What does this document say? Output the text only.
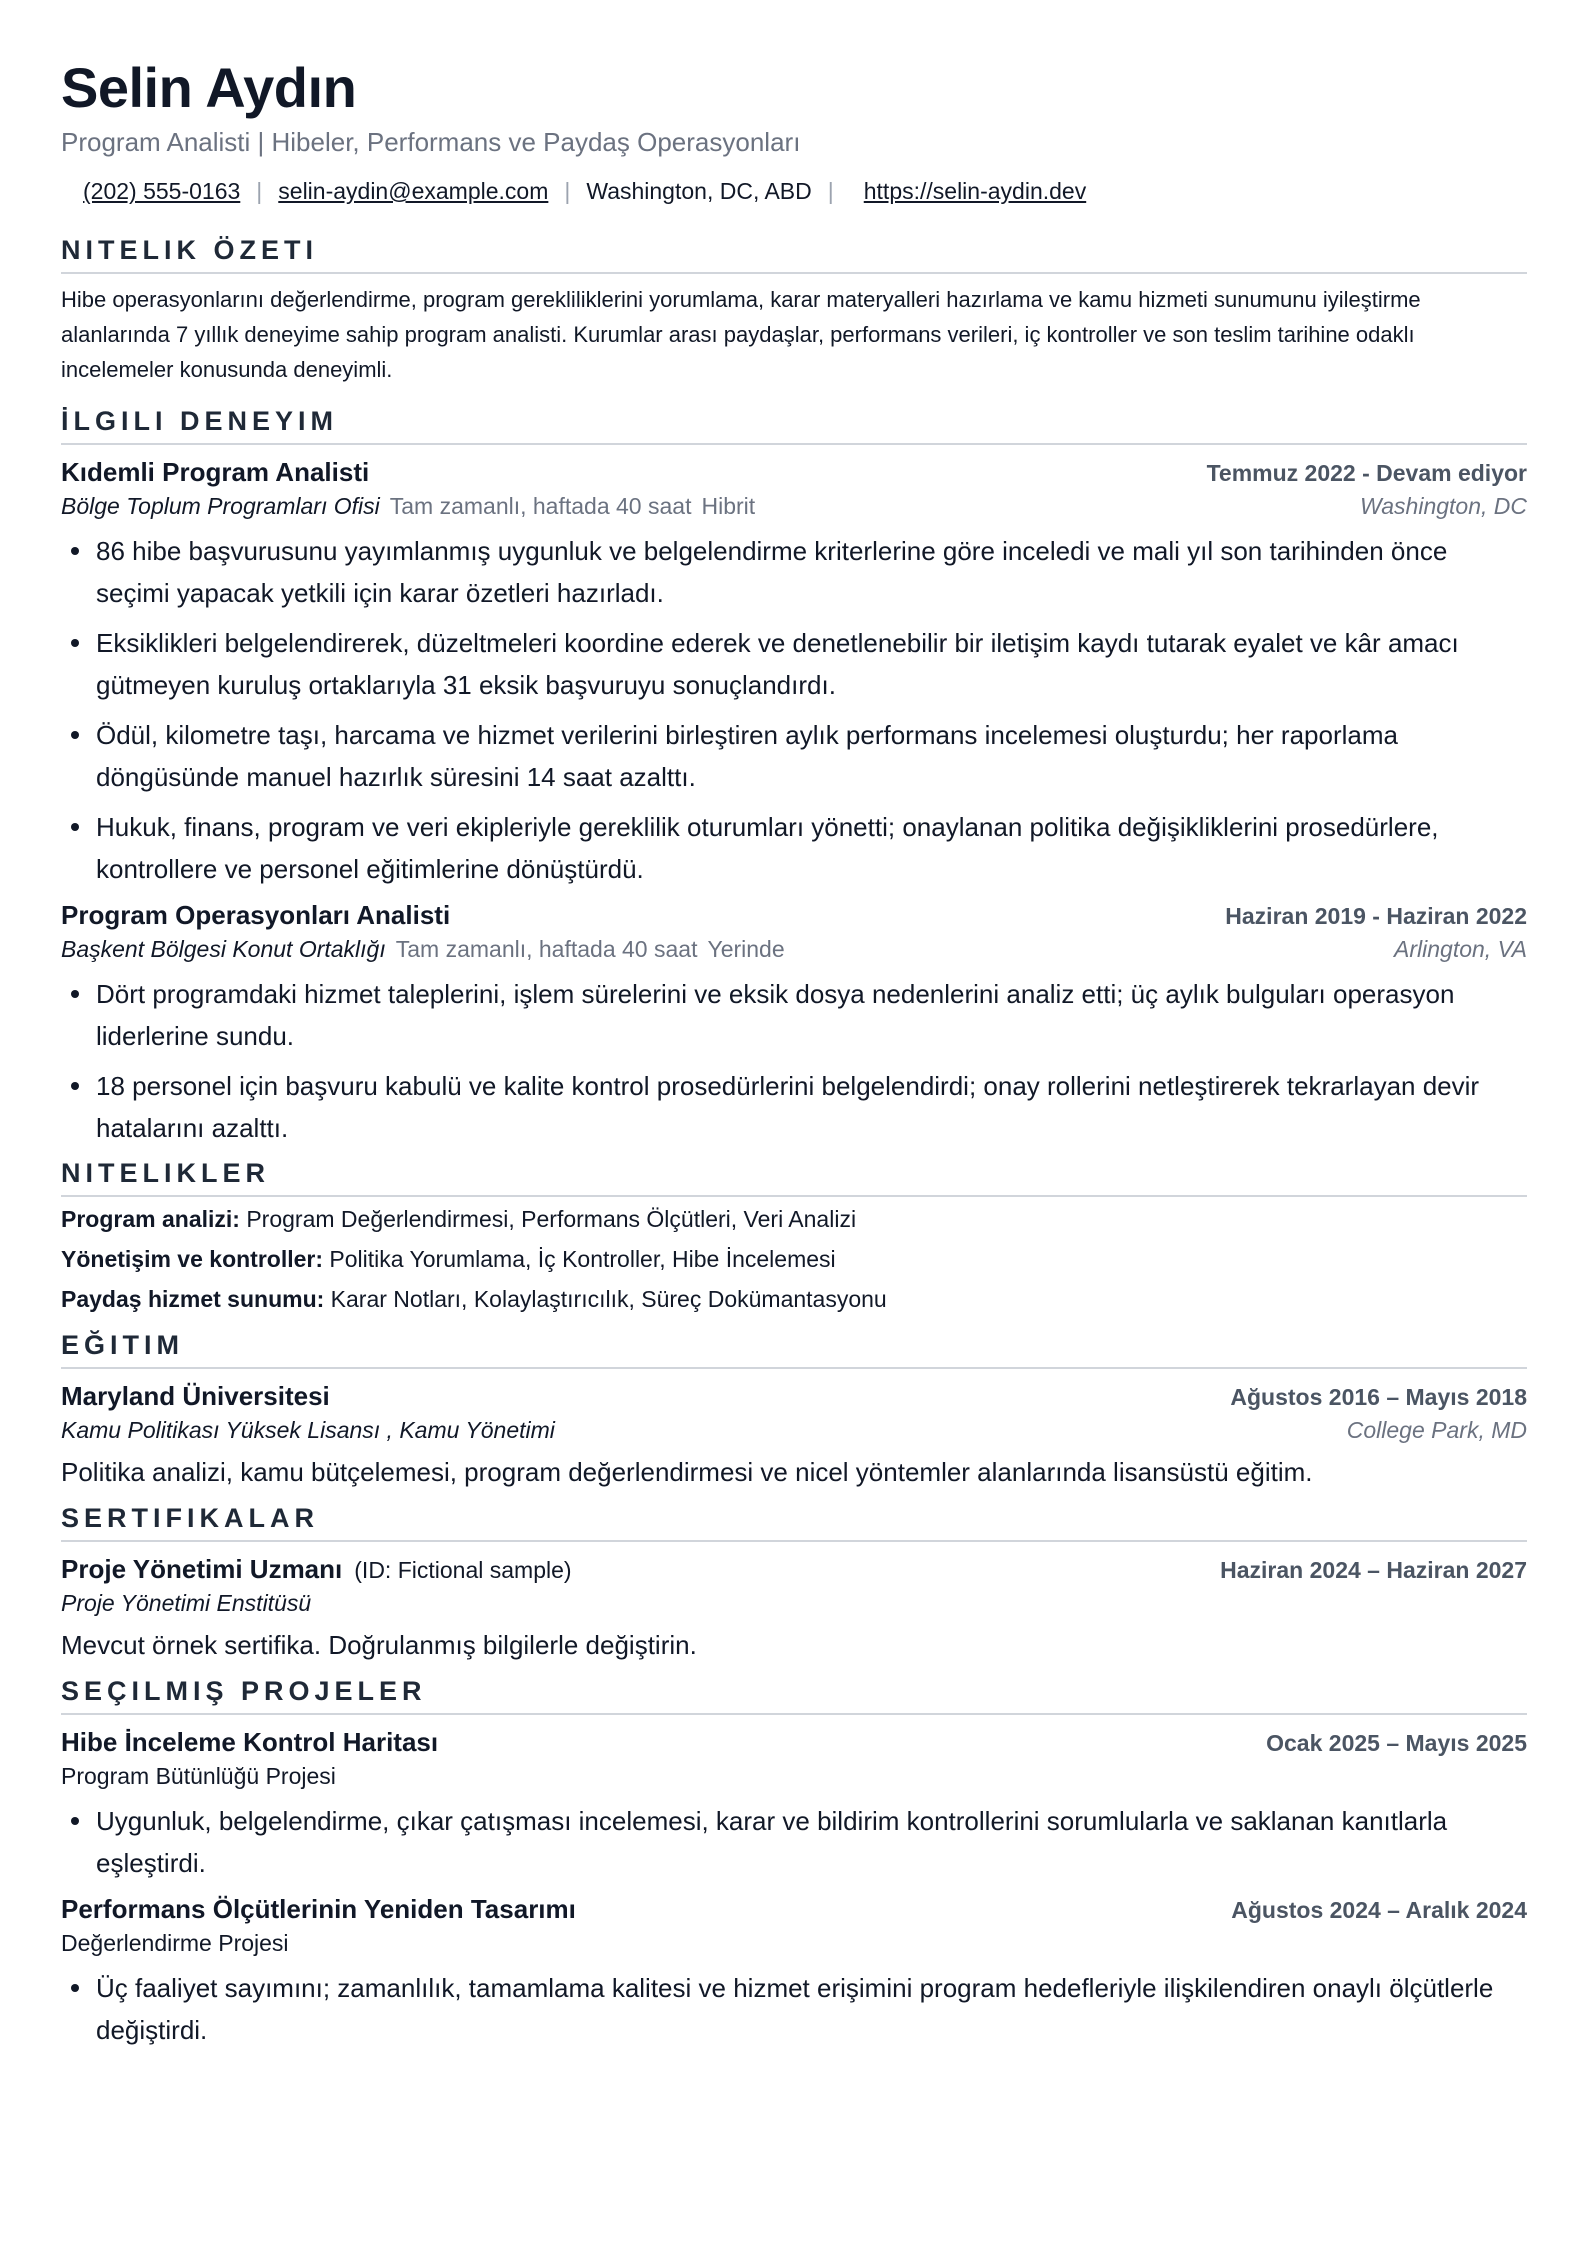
Selin Aydın
Program Analisti | Hibeler, Performans ve Paydaş Operasyonları
(202) 555-0163 | selin-aydin@example.com | Washington, DC, ABD | https://selin-aydin.dev
NITELIK ÖZETI
Hibe operasyonlarını değerlendirme, program gerekliliklerini yorumlama, karar materyalleri hazırlama ve kamu hizmeti sunumunu iyileştirme alanlarında 7 yıllık deneyime sahip program analisti. Kurumlar arası paydaşlar, performans verileri, iç kontroller ve son teslim tarihine odaklı incelemeler konusunda deneyimli.
İLGILI DENEYIM
Kıdemli Program Analisti	Temmuz 2022 - Devam ediyor
Bölge Toplum Programları Ofisi Tam zamanlı, haftada 40 saat Hibrit	Washington, DC
86 hibe başvurusunu yayımlanmış uygunluk ve belgelendirme kriterlerine göre inceledi ve mali yıl son tarihinden önce seçimi yapacak yetkili için karar özetleri hazırladı.
Eksiklikleri belgelendirerek, düzeltmeleri koordine ederek ve denetlenebilir bir iletişim kaydı tutarak eyalet ve kâr amacı gütmeyen kuruluş ortaklarıyla 31 eksik başvuruyu sonuçlandırdı.
Ödül, kilometre taşı, harcama ve hizmet verilerini birleştiren aylık performans incelemesi oluşturdu; her raporlama döngüsünde manuel hazırlık süresini 14 saat azalttı.
Hukuk, finans, program ve veri ekipleriyle gereklilik oturumları yönetti; onaylanan politika değişikliklerini prosedürlere, kontrollere ve personel eğitimlerine dönüştürdü.
Program Operasyonları Analisti	Haziran 2019 - Haziran 2022
Başkent Bölgesi Konut Ortaklığı Tam zamanlı, haftada 40 saat Yerinde	Arlington, VA
Dört programdaki hizmet taleplerini, işlem sürelerini ve eksik dosya nedenlerini analiz etti; üç aylık bulguları operasyon liderlerine sundu.
18 personel için başvuru kabulü ve kalite kontrol prosedürlerini belgelendirdi; onay rollerini netleştirerek tekrarlayan devir hatalarını azalttı.
NITELIKLER
Program analizi: Program Değerlendirmesi, Performans Ölçütleri, Veri Analizi
Yönetişim ve kontroller: Politika Yorumlama, İç Kontroller, Hibe İncelemesi
Paydaş hizmet sunumu: Karar Notları, Kolaylaştırıcılık, Süreç Dokümantasyonu
EĞITIM
Maryland Üniversitesi	Ağustos 2016 – Mayıs 2018
Kamu Politikası Yüksek Lisansı , Kamu Yönetimi	College Park, MD
Politika analizi, kamu bütçelemesi, program değerlendirmesi ve nicel yöntemler alanlarında lisansüstü eğitim.
SERTIFIKALAR
Proje Yönetimi Uzmanı (ID: Fictional sample)	Haziran 2024 – Haziran 2027
Proje Yönetimi Enstitüsü
Mevcut örnek sertifika. Doğrulanmış bilgilerle değiştirin.
SEÇILMIŞ PROJELER
Hibe İnceleme Kontrol Haritası	Ocak 2025 – Mayıs 2025
Program Bütünlüğü Projesi
Uygunluk, belgelendirme, çıkar çatışması incelemesi, karar ve bildirim kontrollerini sorumlularla ve saklanan kanıtlarla eşleştirdi.
Performans Ölçütlerinin Yeniden Tasarımı	Ağustos 2024 – Aralık 2024
Değerlendirme Projesi
Üç faaliyet sayımını; zamanlılık, tamamlama kalitesi ve hizmet erişimini program hedefleriyle ilişkilendiren onaylı ölçütlerle değiştirdi.
